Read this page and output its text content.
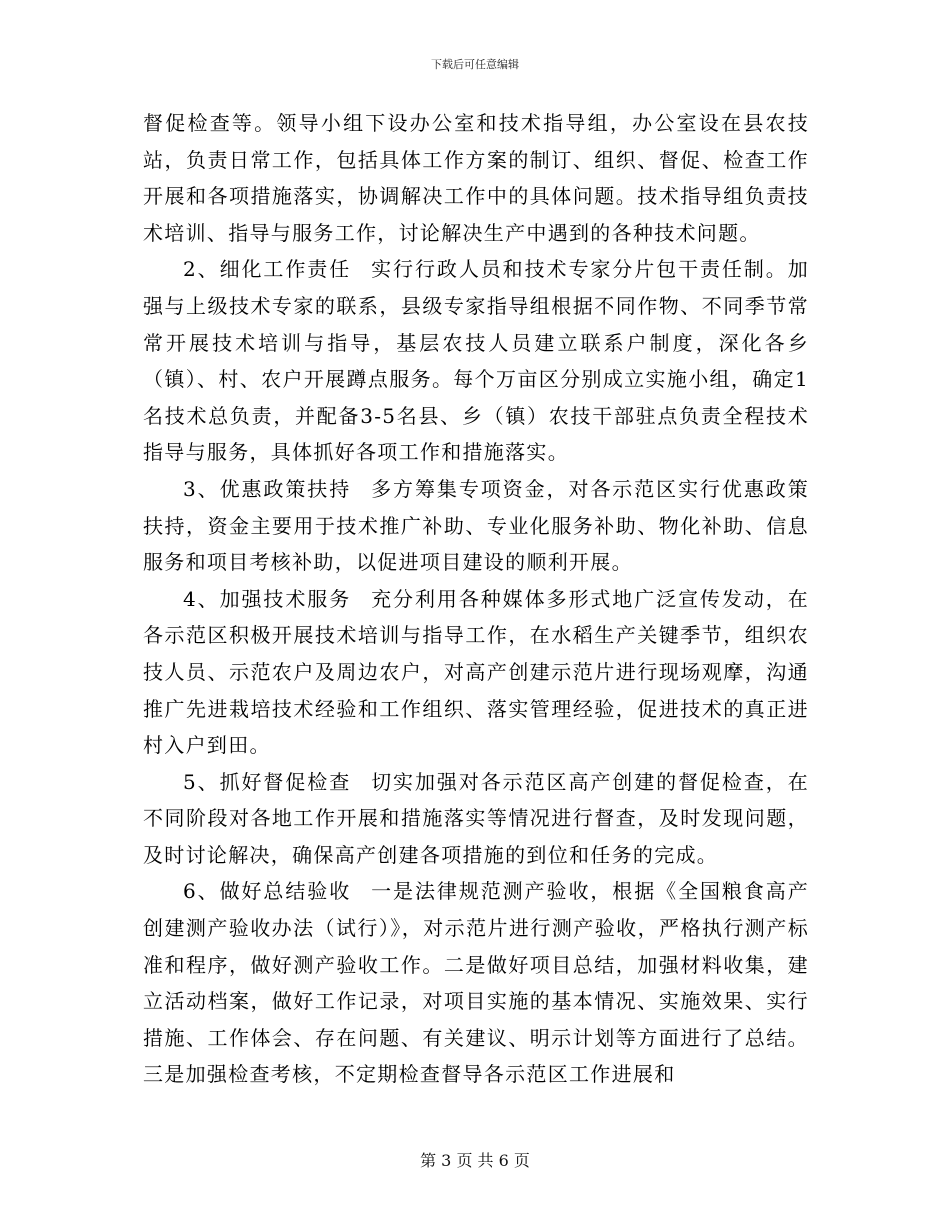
下载后可任意编辑

督促检查等。领导小组下设办公室和技术指导组，办公室设在县农技站，负责日常工作，包括具体工作方案的制订、组织、督促、检查工作开展和各项措施落实，协调解决工作中的具体问题。技术指导组负责技术培训、指导与服务工作，讨论解决生产中遇到的各种技术问题。

2、细化工作责任 实行行政人员和技术专家分片包干责任制。加强与上级技术专家的联系，县级专家指导组根据不同作物、不同季节常常开展技术培训与指导，基层农技人员建立联系户制度，深化各乡（镇）、村、农户开展蹲点服务。每个万亩区分别成立实施小组，确定1名技术总负责，并配备3-5名县、乡（镇）农技干部驻点负责全程技术指导与服务，具体抓好各项工作和措施落实。

3、优惠政策扶持 多方筹集专项资金，对各示范区实行优惠政策扶持，资金主要用于技术推广补助、专业化服务补助、物化补助、信息服务和项目考核补助，以促进项目建设的顺利开展。

4、加强技术服务 充分利用各种媒体多形式地广泛宣传发动，在各示范区积极开展技术培训与指导工作，在水稻生产关键季节，组织农技人员、示范农户及周边农户，对高产创建示范片进行现场观摩，沟通推广先进栽培技术经验和工作组织、落实管理经验，促进技术的真正进村入户到田。

5、抓好督促检查 切实加强对各示范区高产创建的督促检查，在不同阶段对各地工作开展和措施落实等情况进行督查，及时发现问题，及时讨论解决，确保高产创建各项措施的到位和任务的完成。

6、做好总结验收 一是法律规范测产验收，根据《全国粮食高产创建测产验收办法（试行）》，对示范片进行测产验收，严格执行测产标准和程序，做好测产验收工作。二是做好项目总结，加强材料收集，建立活动档案，做好工作记录，对项目实施的基本情况、实施效果、实行措施、工作体会、存在问题、有关建议、明示计划等方面进行了总结。三是加强检查考核，不定期检查督导各示范区工作进展和

第 3 页 共 6 页
